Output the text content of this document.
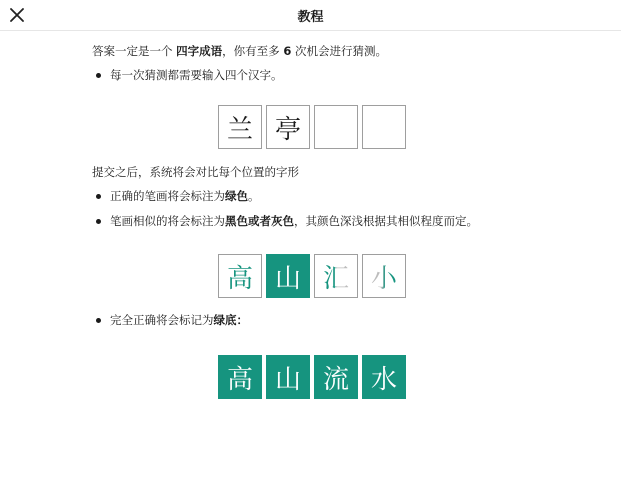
教程

答案一定是一个 四字成语，你有至多 6 次机会进行猜测。

每一次猜测都需要输入四个汉字。
兰 亭

提交之后，系统将会对比每个位置的字形

正确的笔画将会标注为绿色。
笔画相似的将会标注为黑色或者灰色，其颜色深浅根据其相似程度而定。
高 山 汇 小
完全正确将会标记为绿底：
高 山 流 水
